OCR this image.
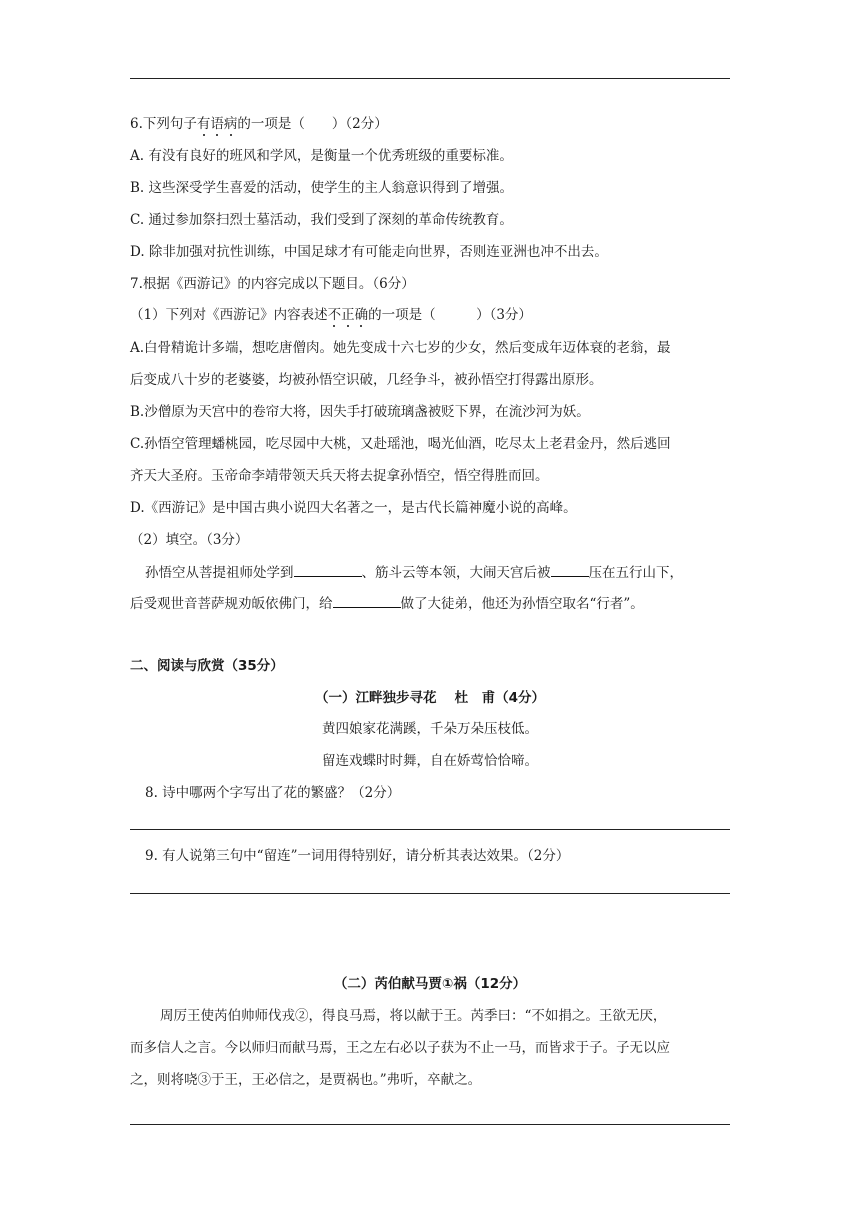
6.下列句子有语病的一项是（　　）（2分）
A. 有没有良好的班风和学风，是衡量一个优秀班级的重要标准。
B. 这些深受学生喜爱的活动，使学生的主人翁意识得到了增强。
C. 通过参加祭扫烈士墓活动，我们受到了深刻的革命传统教育。
D. 除非加强对抗性训练，中国足球才有可能走向世界，否则连亚洲也冲不出去。
7.根据《西游记》的内容完成以下题目。（6分）
（1）下列对《西游记》内容表述不正确的一项是（　　　）（3分）
A.白骨精诡计多端，想吃唐僧肉。她先变成十六七岁的少女，然后变成年迈体衰的老翁，最
后变成八十岁的老婆婆，均被孙悟空识破，几经争斗，被孙悟空打得露出原形。
B.沙僧原为天宫中的卷帘大将，因失手打破琉璃盏被贬下界，在流沙河为妖。
C.孙悟空管理蟠桃园，吃尽园中大桃，又赴瑶池，喝光仙酒，吃尽太上老君金丹，然后逃回
齐天大圣府。玉帝命李靖带领天兵天将去捉拿孙悟空，悟空得胜而回。
D.《西游记》是中国古典小说四大名著之一，是古代长篇神魔小说的高峰。
（2）填空。（3分）
孙悟空从菩提祖师处学到	、筋斗云等本领，大闹天宫后被	压在五行山下，
后受观世音菩萨规劝皈依佛门，给	做了大徒弟，他还为孙悟空取名“行者”。
二、阅读与欣赏（35分）
（一）江畔独步寻花　 杜　甫（4分）
黄四娘家花满蹊，千朵万朵压枝低。
留连戏蝶时时舞，自在娇莺恰恰啼。
8. 诗中哪两个字写出了花的繁盛？（2分）
9. 有人说第三句中“留连”一词用得特别好，请分析其表达效果。（2分）
（二）芮伯献马贾①祸（12分）
周厉王使芮伯帅师伐戎②，得良马焉，将以献于王。芮季曰：“不如捐之。王欲无厌，
而多信人之言。今以师归而献马焉，王之左右必以子获为不止一马，而皆求于子。子无以应
之，则将哓③于王，王必信之，是贾祸也。”弗听，卒献之。
